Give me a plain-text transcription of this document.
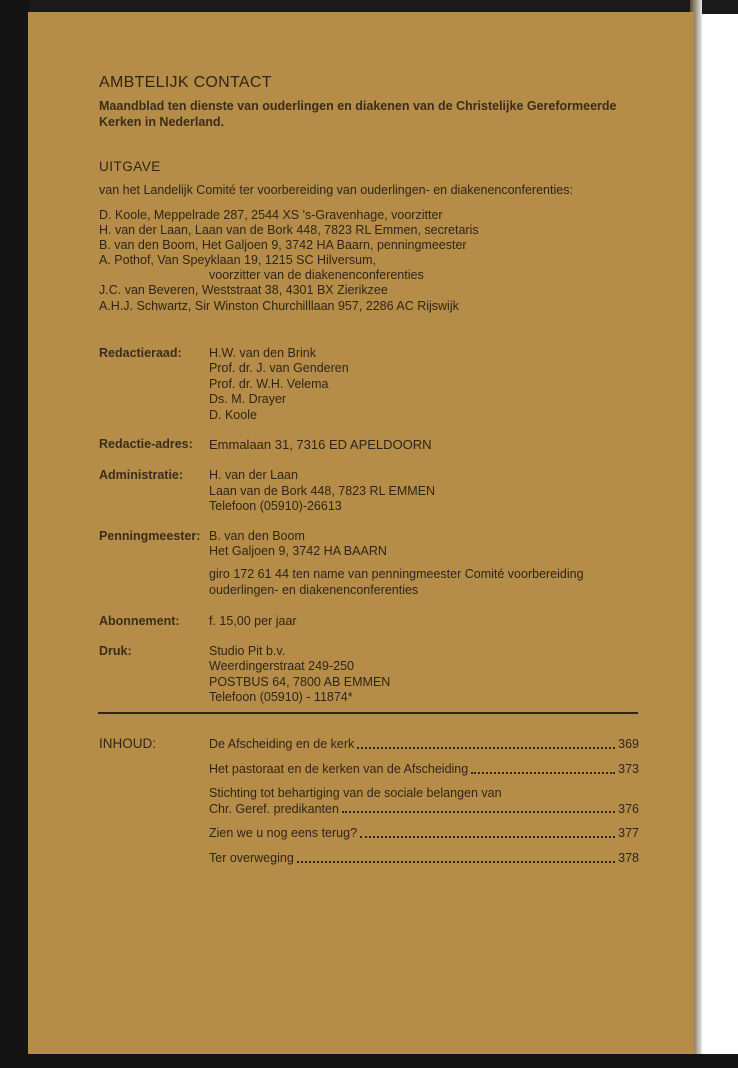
AMBTELIJK CONTACT
Maandblad ten dienste van ouderlingen en diakenen van de Christelijke Gereformeerde Kerken in Nederland.
UITGAVE
van het Landelijk Comité ter voorbereiding van ouderlingen- en diakenenconferenties:
D. Koole, Meppelrade 287, 2544 XS 's-Gravenhage, voorzitter
H. van der Laan, Laan van de Bork 448, 7823 RL Emmen, secretaris
B. van den Boom, Het Galjoen 9, 3742 HA Baarn, penningmeester
A. Pothof, Van Speyklaan 19, 1215 SC Hilversum,
voorzitter van de diakenenconferenties
J.C. van Beveren, Weststraat 38, 4301 BX Zierikzee
A.H.J. Schwartz, Sir Winston Churchilllaan 957, 2286 AC Rijswijk
Redactieraad: H.W. van den Brink
Prof. dr. J. van Genderen
Prof. dr. W.H. Velema
Ds. M. Drayer
D. Koole
Redactie-adres: Emmalaan 31, 7316 ED APELDOORN
Administratie: H. van der Laan
Laan van de Bork 448, 7823 RL EMMEN
Telefoon (05910)-26613
Penningmeester: B. van den Boom
Het Galjoen 9, 3742 HA BAARN
giro 172 61 44 ten name van penningmeester Comité voorbereiding ouderlingen- en diakenenconferenties
Abonnement: f. 15,00 per jaar
Druk:	Studio Pit b.v.
Weerdingerstraat 249-250
POSTBUS 64, 7800 AB EMMEN
Telefoon (05910) - 11874*
INHOUD:	De Afscheiding en de kerk	369
Het pastoraat en de kerken van de Afscheiding	373
Stichting tot behartiging van de sociale belangen van
Chr. Geref. predikanten	376
Zien we u nog eens terug?	377
Ter overweging	378
